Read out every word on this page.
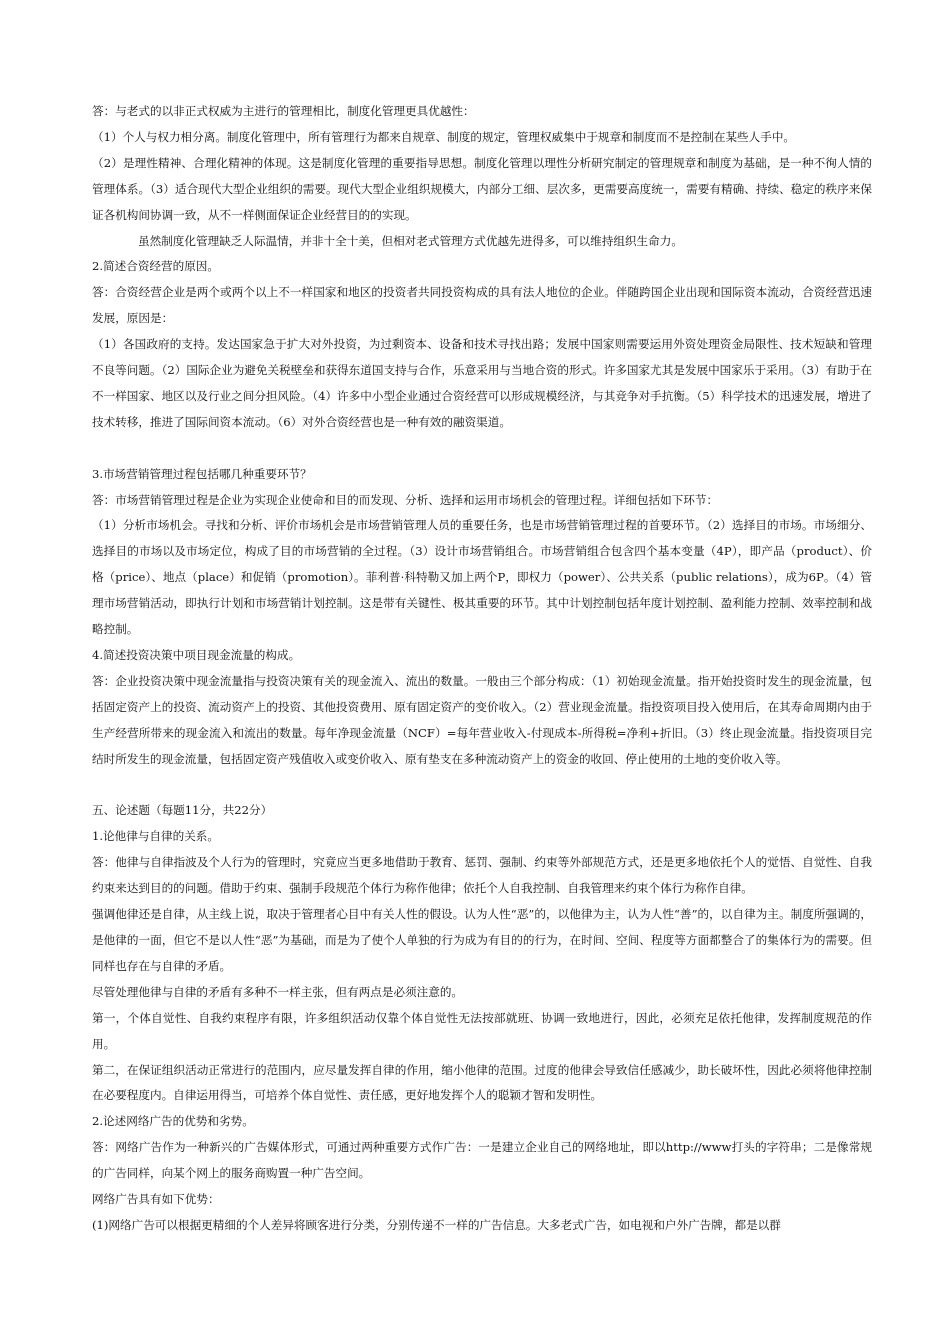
答：与老式的以非正式权威为主进行的管理相比，制度化管理更具优越性：

（1）个人与权力相分离。制度化管理中，所有管理行为都来自规章、制度的规定，管理权威集中于规章和制度而不是控制在某些人手中。

（2）是理性精神、合理化精神的体现。这是制度化管理的重要指导思想。制度化管理以理性分析研究制定的管理规章和制度为基础，是一种不徇人情的管理体系。（3）适合现代大型企业组织的需要。现代大型企业组织规模大，内部分工细、层次多，更需要高度统一，需要有精确、持续、稳定的秩序来保证各机构间协调一致，从不一样侧面保证企业经营目的的实现。

虽然制度化管理缺乏人际温情，并非十全十美，但相对老式管理方式优越先进得多，可以维持组织生命力。

2.简述合资经营的原因。

答：合资经营企业是两个或两个以上不一样国家和地区的投资者共同投资构成的具有法人地位的企业。伴随跨国企业出现和国际资本流动，合资经营迅速发展，原因是：

（1）各国政府的支持。发达国家急于扩大对外投资，为过剩资本、设备和技术寻找出路；发展中国家则需要运用外资处理资金局限性、技术短缺和管理不良等问题。（2）国际企业为避免关税壁垒和获得东道国支持与合作，乐意采用与当地合资的形式。许多国家尤其是发展中国家乐于采用。（3）有助于在不一样国家、地区以及行业之间分担风险。（4）许多中小型企业通过合资经营可以形成规模经济，与其竞争对手抗衡。（5）科学技术的迅速发展，增进了技术转移，推进了国际间资本流动。（6）对外合资经营也是一种有效的融资渠道。

3.市场营销管理过程包括哪几种重要环节？

答：市场营销管理过程是企业为实现企业使命和目的而发现、分析、选择和运用市场机会的管理过程。详细包括如下环节：

（1）分析市场机会。寻找和分析、评价市场机会是市场营销管理人员的重要任务，也是市场营销管理过程的首要环节。（2）选择目的市场。市场细分、选择目的市场以及市场定位，构成了目的市场营销的全过程。（3）设计市场营销组合。市场营销组合包含四个基本变量（4P），即产品（product）、价格（price）、地点（place）和促销（promotion）。菲利普·科特勒又加上两个P，即权力（power）、公共关系（public relations），成为6P。（4）管理市场营销活动，即执行计划和市场营销计划控制。这是带有关键性、极其重要的环节。其中计划控制包括年度计划控制、盈利能力控制、效率控制和战略控制。

4.简述投资决策中项目现金流量的构成。

答：企业投资决策中现金流量指与投资决策有关的现金流入、流出的数量。一般由三个部分构成：（1）初始现金流量。指开始投资时发生的现金流量，包括固定资产上的投资、流动资产上的投资、其他投资费用、原有固定资产的变价收入。（2）营业现金流量。指投资项目投入使用后，在其寿命周期内由于生产经营所带来的现金流入和流出的数量。每年净现金流量（NCF）=每年营业收入-付现成本-所得税=净利+折旧。（3）终止现金流量。指投资项目完结时所发生的现金流量，包括固定资产残值收入或变价收入、原有垫支在多种流动资产上的资金的收回、停止使用的土地的变价收入等。

五、论述题（每题11分，共22分）

1.论他律与自律的关系。

答：他律与自律指波及个人行为的管理时，究竟应当更多地借助于教育、惩罚、强制、约束等外部规范方式，还是更多地依托个人的觉悟、自觉性、自我约束来达到目的的问题。借助于约束、强制手段规范个体行为称作他律；依托个人自我控制、自我管理来约束个体行为称作自律。

强调他律还是自律，从主线上说，取决于管理者心目中有关人性的假设。认为人性“恶”的，以他律为主，认为人性“善”的，以自律为主。制度所强调的，是他律的一面，但它不是以人性“恶”为基础，而是为了使个人单独的行为成为有目的的行为，在时间、空间、程度等方面都整合了的集体行为的需要。但同样也存在与自律的矛盾。

尽管处理他律与自律的矛盾有多种不一样主张，但有两点是必须注意的。

第一，个体自觉性、自我约束程序有限，许多组织活动仅靠个体自觉性无法按部就班、协调一致地进行，因此，必须充足依托他律，发挥制度规范的作用。

第二，在保证组织活动正常进行的范围内，应尽量发挥自律的作用，缩小他律的范围。过度的他律会导致信任感减少，助长破坏性，因此必须将他律控制在必要程度内。自律运用得当，可培养个体自觉性、责任感，更好地发挥个人的聪颖才智和发明性。

2.论述网络广告的优势和劣势。

答：网络广告作为一种新兴的广告媒体形式，可通过两种重要方式作广告：一是建立企业自己的网络地址，即以http://www打头的字符串；二是像常规的广告同样，向某个网上的服务商购置一种广告空间。

网络广告具有如下优势：

(1)网络广告可以根据更精细的个人差异将顾客进行分类，分别传递不一样的广告信息。大多老式广告，如电视和户外广告牌，都是以群
